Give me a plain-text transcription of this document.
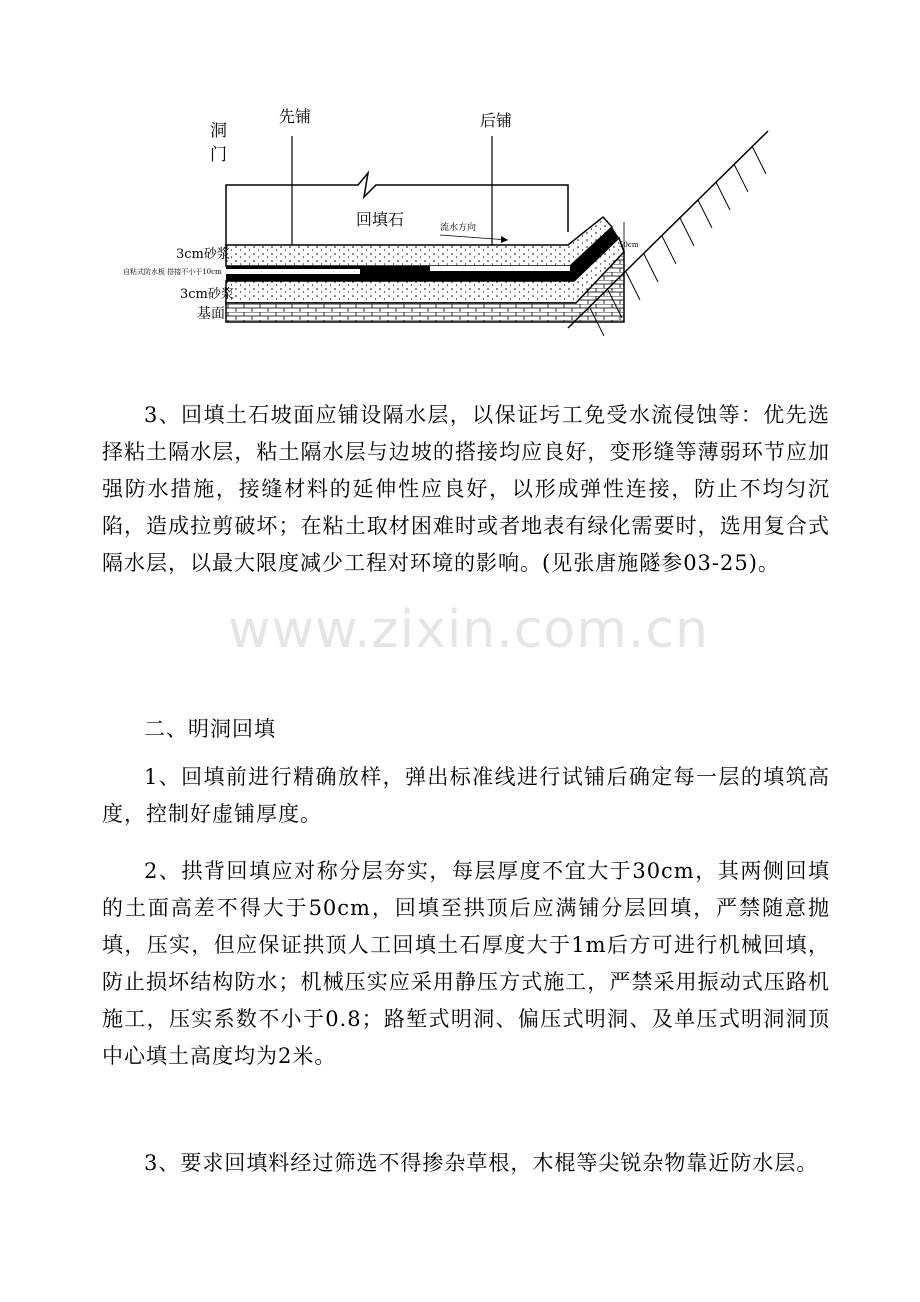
50cm
洞
门
先铺	后铺
回填石	流水方向
3cm砂浆
自粘式防水板 搭接不小于10cm
3cm砂浆
基面

3、回填土石坡面应铺设隔水层，以保证圬工免受水流侵蚀等：优先选择粘土隔水层，粘土隔水层与边坡的搭接均应良好，变形缝等薄弱环节应加强防水措施，接缝材料的延伸性应良好，以形成弹性连接，防止不均匀沉陷，造成拉剪破坏；在粘土取材困难时或者地表有绿化需要时，选用复合式隔水层，以最大限度减少工程对环境的影响。(见张唐施隧参03-25)。

www.zixin.com.cn

二、明洞回填

1、回填前进行精确放样，弹出标准线进行试铺后确定每一层的填筑高度，控制好虚铺厚度。

2、拱背回填应对称分层夯实，每层厚度不宜大于30cm，其两侧回填的土面高差不得大于50cm，回填至拱顶后应满铺分层回填，严禁随意抛填，压实，但应保证拱顶人工回填土石厚度大于1m后方可进行机械回填，防止损坏结构防水；机械压实应采用静压方式施工，严禁采用振动式压路机施工，压实系数不小于0.8；路堑式明洞、偏压式明洞、及单压式明洞洞顶中心填土高度均为2米。

3、要求回填料经过筛选不得掺杂草根，木棍等尖锐杂物靠近防水层。
